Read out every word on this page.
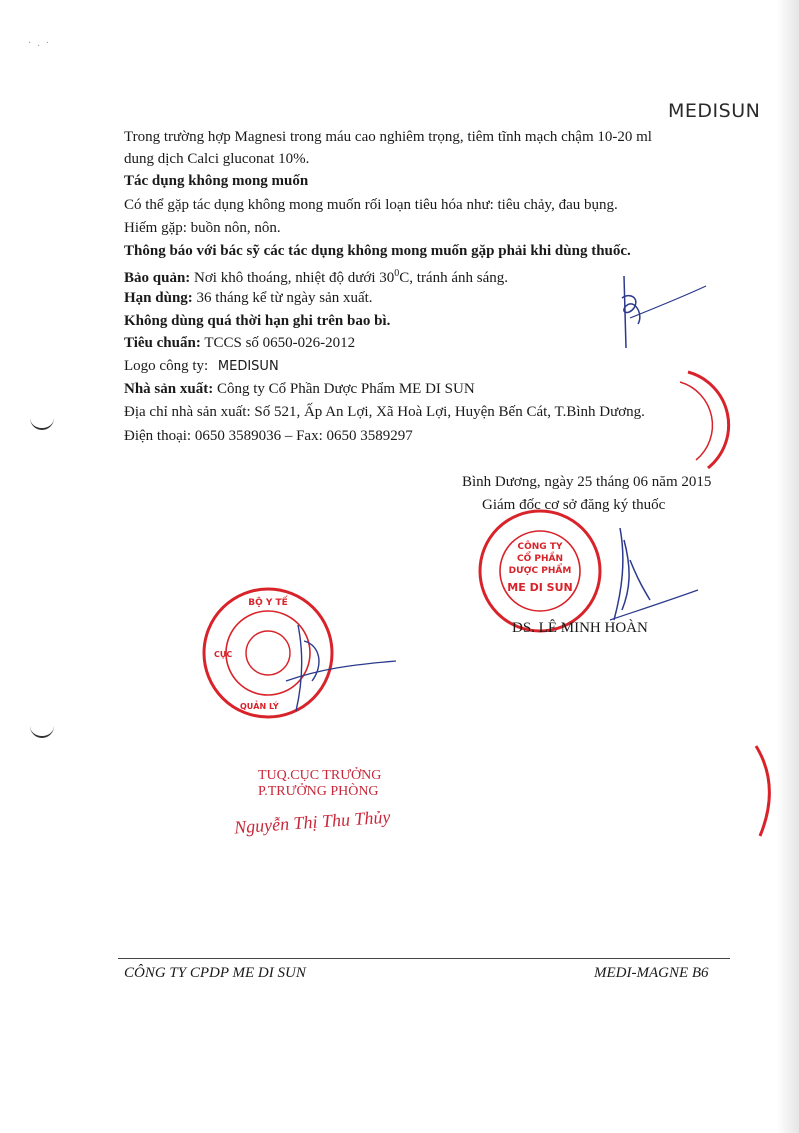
·.·
MEDISUN
Trong trường hợp Magnesi trong máu cao nghiêm trọng, tiêm tĩnh mạch chậm 10-20 ml
dung dịch Calci gluconat 10%.
Tác dụng không mong muốn
Có thể gặp tác dụng không mong muốn rối loạn tiêu hóa như: tiêu chảy, đau bụng.
Hiếm gặp: buồn nôn, nôn.
Thông báo với bác sỹ các tác dụng không mong muốn gặp phải khi dùng thuốc.
Bảo quản: Nơi khô thoáng, nhiệt độ dưới $30^0C$, tránh ánh sáng.
Hạn dùng: 36 tháng kể từ ngày sản xuất.
Không dùng quá thời hạn ghi trên bao bì.
Tiêu chuẩn: TCCS số 0650-026-2012
Logo công ty: MEDISUN
Nhà sản xuất: Công ty Cổ Phần Dược Phẩm ME DI SUN
Địa chỉ nhà sản xuất: Số 521, Ấp An Lợi, Xã Hoà Lợi, Huyện Bến Cát, T.Bình Dương.
Điện thoại: 0650 3589036 – Fax: 0650 3589297
Bình Dương, ngày 25 tháng 06 năm 2015
Giám đốc cơ sở đăng ký thuốc
CÔNG TY
CỔ PHẦN
DƯỢC PHẨM
ME DI SUN
DS. LÊ MINH HOÀN
BỘ Y TẾ
CỤC
QUẢN LÝ
TUQ.CỤC TRƯỞNG
P.TRƯỞNG PHÒNG
Nguyễn Thị Thu Thủy
CÔNG TY CPDP ME DI SUN	MEDI-MAGNE B6
